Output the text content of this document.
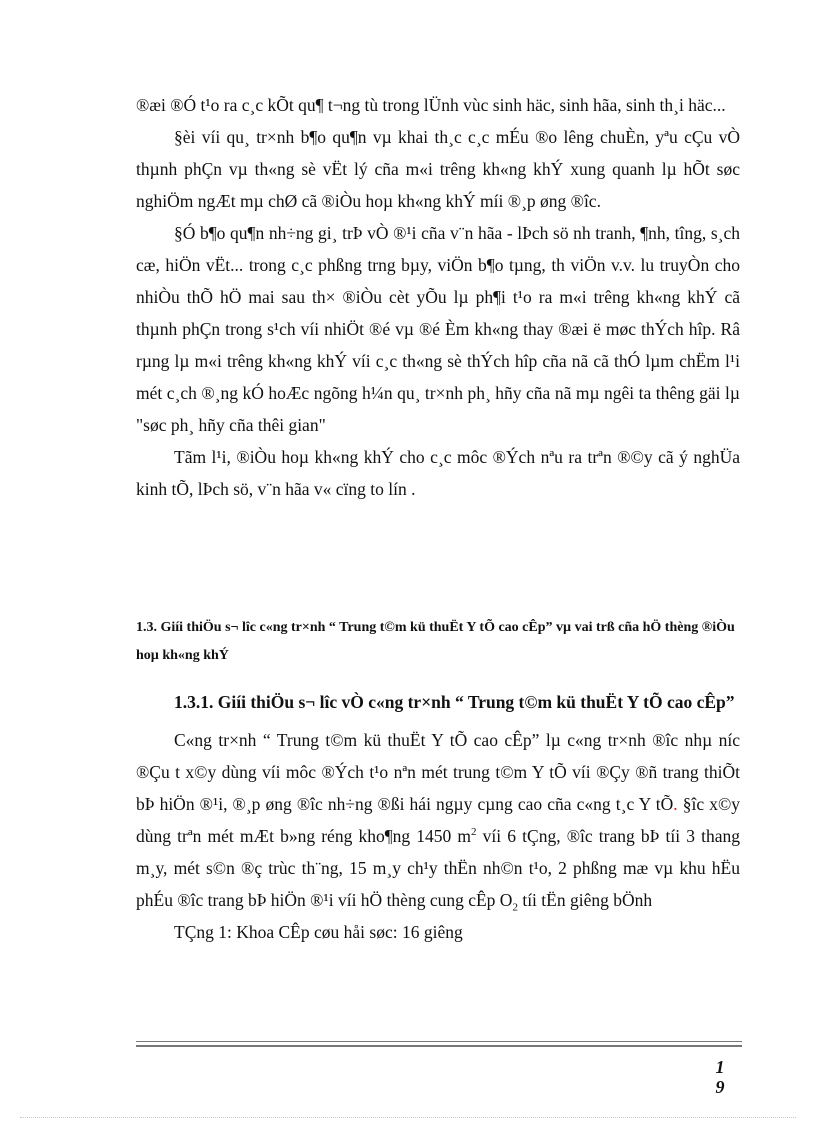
®æi ®Ó t¹o ra c¸c kÕt qu¶ t¬ng tù trong lÜnh vùc sinh häc, sinh hãa, sinh th¸i häc...

§èi víi qu¸ tr×nh b¶o qu¶n vµ khai th¸c c¸c mÉu ®o lêng chuÈn, yªu cÇu vÒ thµnh phÇn vµ th«ng sè vËt lý cña m«i trêng kh«ng khÝ xung quanh lµ hÕt søc nghiÖm ngÆt mµ chØ cã ®iÒu hoµ kh«ng khÝ míi ®¸p øng ®îc.

§Ó b¶o qu¶n nh÷ng gi¸ trÞ vÒ ®¹i cña v¨n hãa - lÞch sö nh tranh, ¶nh, tîng, s¸ch cæ, hiÖn vËt... trong c¸c phßng trng bµy, viÖn b¶o tµng, th viÖn v.v. lu truyÒn cho nhiÒu thÕ hÖ mai sau th× ®iÒu cèt yÕu lµ ph¶i t¹o ra m«i trêng kh«ng khÝ cã thµnh phÇn trong s¹ch víi nhiÖt ®é vµ ®é Èm kh«ng thay ®æi ë møc thÝch hîp. Râ rµng lµ m«i trêng kh«ng khÝ víi c¸c th«ng sè thÝch hîp cña nã cã thÓ lµm chËm l¹i mét c¸ch ®¸ng kÓ hoÆc ngõng h¼n qu¸ tr×nh ph¸ hñy cña nã mµ ngêi ta thêng gäi lµ "søc ph¸ hñy cña thêi gian"

Tãm l¹i, ®iÒu hoµ kh«ng khÝ cho c¸c môc ®Ých nªu ra trªn ®©y cã ý nghÜa kinh tÕ, lÞch sö, v¨n hãa v« cïng to lín .

1.3. Giíi thiÖu s¬ lîc c«ng tr×nh “ Trung t©m kü thuËt Y tÕ cao cÊp” vµ vai trß cña hÖ thèng ®iÒu hoµ kh«ng khÝ

1.3.1. Giíi thiÖu s¬ lîc vÒ c«ng tr×nh “ Trung t©m kü thuËt Y tÕ cao cÊp”

C«ng tr×nh “ Trung t©m kü thuËt Y tÕ cao cÊp” lµ c«ng tr×nh ®îc nhµ níc ®Çu t x©y dùng víi môc ®Ých t¹o nªn mét trung t©m Y tÕ víi ®Çy ®ñ trang thiÕt bÞ hiÖn ®¹i, ®¸p øng ®îc nh÷ng ®ßi hái ngµy cµng cao cña c«ng t¸c Y tÕ. §îc x©y dùng trªn mét mÆt b»ng réng kho¶ng 1450 $m^2$ víi 6 tÇng, ®îc trang bÞ tíi 3 thang m¸y, mét s©n ®ç trùc th¨ng, 15 m¸y ch¹y thËn nh©n t¹o, 2 phßng mæ vµ khu hËu phÉu ®îc trang bÞ hiÖn ®¹i víi hÖ thèng cung cÊp $O_2$ tíi tËn giêng bÖnh

TÇng 1: Khoa CÊp cøu håi søc: 16 giêng

1
9
